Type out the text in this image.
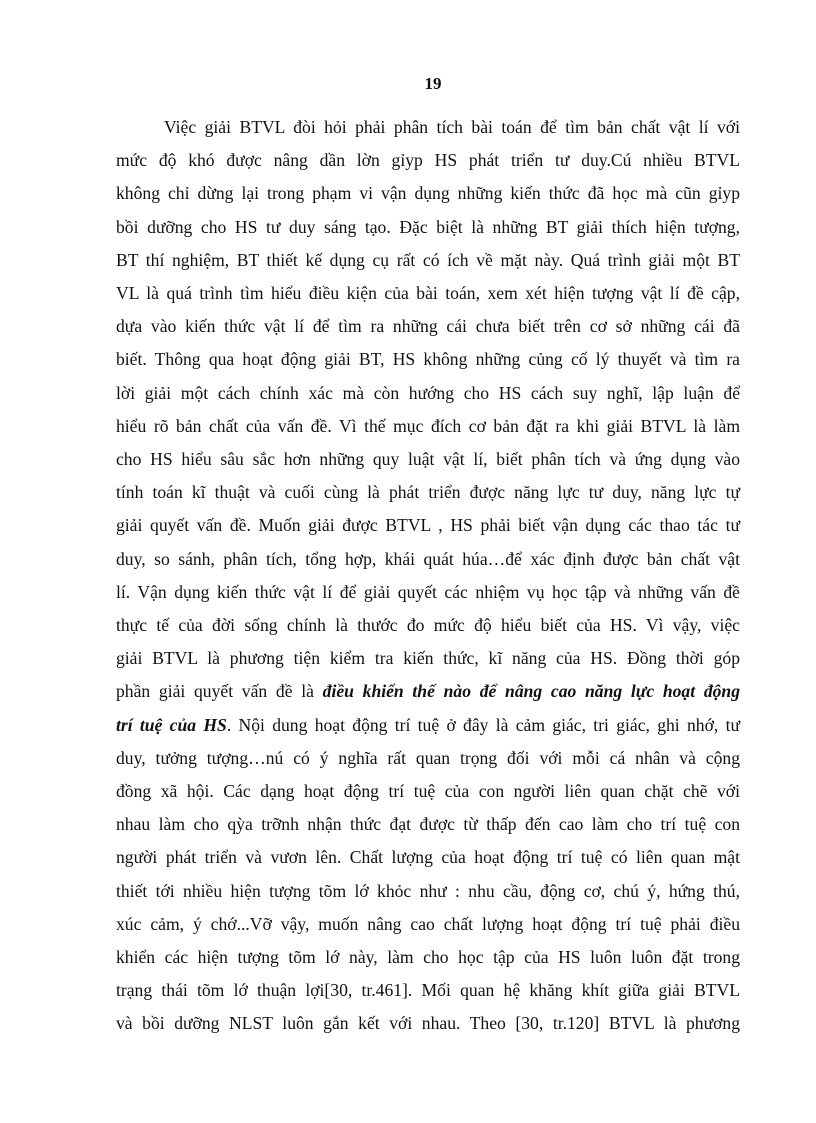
19
Việc giải BTVL đòi hỏi phải phân tích bài toán để tìm bản chất vật lí với
mức độ khó được nâng dần lờn gỉyp HS phát triển tư duy.Cú nhiều BTVL
không chỉ dừng lại trong phạm vi vận dụng những kiến thức đã học mà cũn gỉyp
bồi dưỡng cho HS tư duy sáng tạo. Đặc biệt là những BT giải thích hiện tượng,
BT thí nghiệm, BT thiết kế dụng cụ rất có ích về mặt này. Quá trình giải một BT
VL là quá trình tìm hiểu điều kiện của bài toán, xem xét hiện tượng vật lí đề cập,
dựa vào kiến thức vật lí để tìm ra những cái chưa biết trên cơ sở những cái đã
biết. Thông qua hoạt động giải BT, HS không những củng cố lý thuyết và tìm ra
lời giải một cách chính xác mà còn hướng cho HS cách suy nghĩ, lập luận để
hiểu rõ bản chất của vấn đề. Vì thế mục đích cơ bản đặt ra khi giải BTVL là làm
cho HS hiểu sâu sắc hơn những quy luật vật lí, biết phân tích và ứng dụng vào
tính toán kĩ thuật và cuối cùng là phát triển được năng lực tư duy, năng lực tự
giải quyết vấn đề. Muốn giải được BTVL , HS phải biết vận dụng các thao tác tư
duy, so sánh, phân tích, tổng hợp, khái quát húa…để xác định được bản chất vật
lí. Vận dụng kiến thức vật lí để giải quyết các nhiệm vụ học tập và những vấn đề
thực tế của đời sống chính là thước đo mức độ hiểu biết của HS. Vì vậy, việc
giải BTVL là phương tiện kiểm tra kiến thức, kĩ năng của HS. Đồng thời góp
phần giải quyết vấn đề là điều khiển thế nào để nâng cao năng lực hoạt động
trí tuệ của HS. Nội dung hoạt động trí tuệ ở đây là cảm giác, tri giác, ghi nhớ, tư
duy, tưởng tượng…nú có ý nghĩa rất quan trọng đối với mỗi cá nhân và cộng
đồng xã hội. Các dạng hoạt động trí tuệ của con người liên quan chặt chẽ với
nhau làm cho qỳa trỡnh nhận thức đạt được từ thấp đến cao làm cho trí tuệ con
người phát triển và vươn lên. Chất lượng của hoạt động trí tuệ có liên quan mật
thiết tới nhiều hiện tượng tõm lớ khỏc như : nhu cầu, động cơ, chú ý, hứng thú,
xúc cảm, ý chớ...Vỡ vậy, muốn nâng cao chất lượng hoạt động trí tuệ phải điều
khiển các hiện tượng tõm lớ này, làm cho học tập của HS luôn luôn đặt trong
trạng thái tõm lớ thuận lợi[30, tr.461]. Mối quan hệ khăng khít giữa giải BTVL
và bồi dưỡng NLST luôn gắn kết với nhau. Theo [30, tr.120] BTVL là phương
